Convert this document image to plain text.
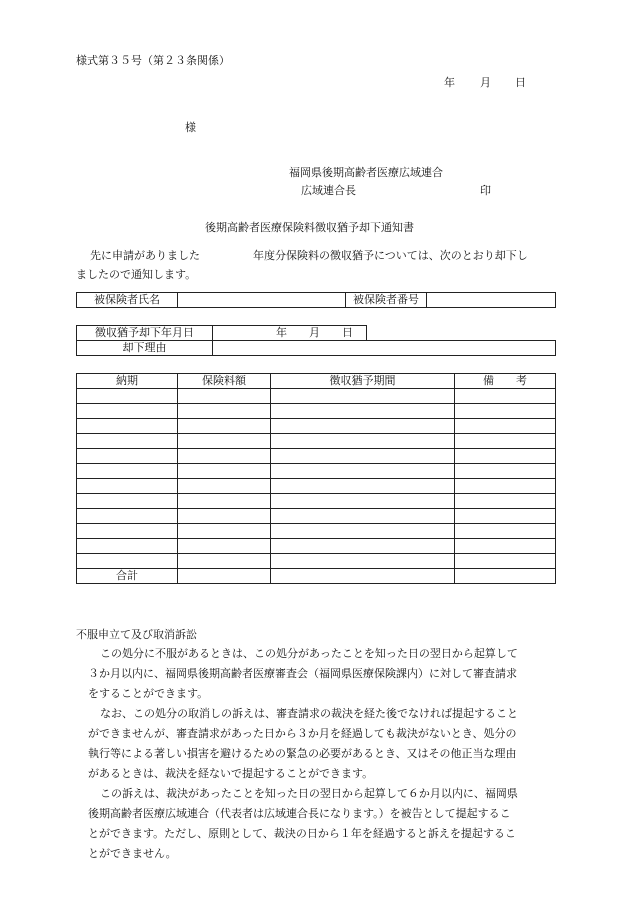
様式第３５号（第２３条関係）
年 月 日
様
福岡県後期高齢者医療広域連合
広域連合長	印
後期高齢者医療保険料徴収猶予却下通知書
先に申請がありました	年度分保険料の徴収猶予については、次のとおり却下し
ましたので通知します。
被保険者氏名		被保険者番号	
徴収猶予却下年月日	年 月 日	
却下理由		
納期	保険料額	徴収猶予期間	備　　考

合計			
不服申立て及び取消訴訟
この処分に不服があるときは、この処分があったことを知った日の翌日から起算して
３か月以内に、福岡県後期高齢者医療審査会（福岡県医療保険課内）に対して審査請求
をすることができます。
なお、この処分の取消しの訴えは、審査請求の裁決を経た後でなければ提起すること
ができませんが、審査請求があった日から３か月を経過しても裁決がないとき、処分の
執行等による著しい損害を避けるための緊急の必要があるとき、又はその他正当な理由
があるときは、裁決を経ないで提起することができます。
この訴えは、裁決があったことを知った日の翌日から起算して６か月以内に、福岡県
後期高齢者医療広域連合（代表者は広域連合長になります。）を被告として提起するこ
とができます。ただし、原則として、裁決の日から１年を経過すると訴えを提起するこ
とができません。
